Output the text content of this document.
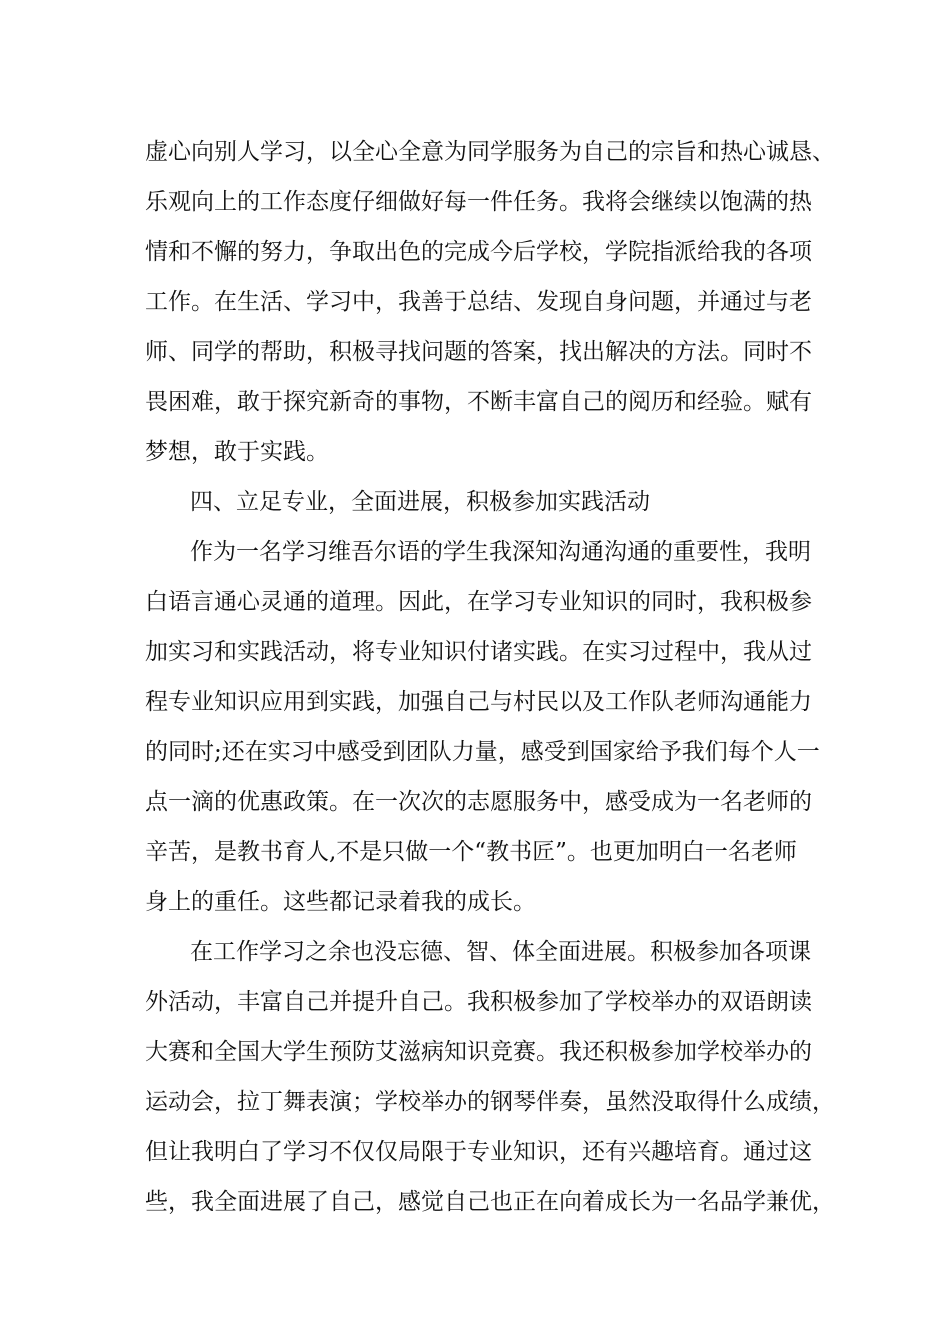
虚心向别人学习，以全心全意为同学服务为自己的宗旨和热心诚恳、
乐观向上的工作态度仔细做好每一件任务。我将会继续以饱满的热
情和不懈的努力，争取出色的完成今后学校，学院指派给我的各项
工作。在生活、学习中，我善于总结、发现自身问题，并通过与老
师、同学的帮助，积极寻找问题的答案，找出解决的方法。同时不
畏困难，敢于探究新奇的事物，不断丰富自己的阅历和经验。赋有
梦想，敢于实践。
四、立足专业，全面进展，积极参加实践活动
作为一名学习维吾尔语的学生我深知沟通沟通的重要性，我明
白语言通心灵通的道理。因此，在学习专业知识的同时，我积极参
加实习和实践活动，将专业知识付诸实践。在实习过程中，我从过
程专业知识应用到实践，加强自己与村民以及工作队老师沟通能力
的同时;还在实习中感受到团队力量，感受到国家给予我们每个人一
点一滴的优惠政策。在一次次的志愿服务中，感受成为一名老师的
辛苦，是教书育人,不是只做一个“教书匠”。也更加明白一名老师
身上的重任。这些都记录着我的成长。
在工作学习之余也没忘德、智、体全面进展。积极参加各项课
外活动，丰富自己并提升自己。我积极参加了学校举办的双语朗读
大赛和全国大学生预防艾滋病知识竞赛。我还积极参加学校举办的
运动会，拉丁舞表演；学校举办的钢琴伴奏，虽然没取得什么成绩，
但让我明白了学习不仅仅局限于专业知识，还有兴趣培育。通过这
些，我全面进展了自己，感觉自己也正在向着成长为一名品学兼优，
